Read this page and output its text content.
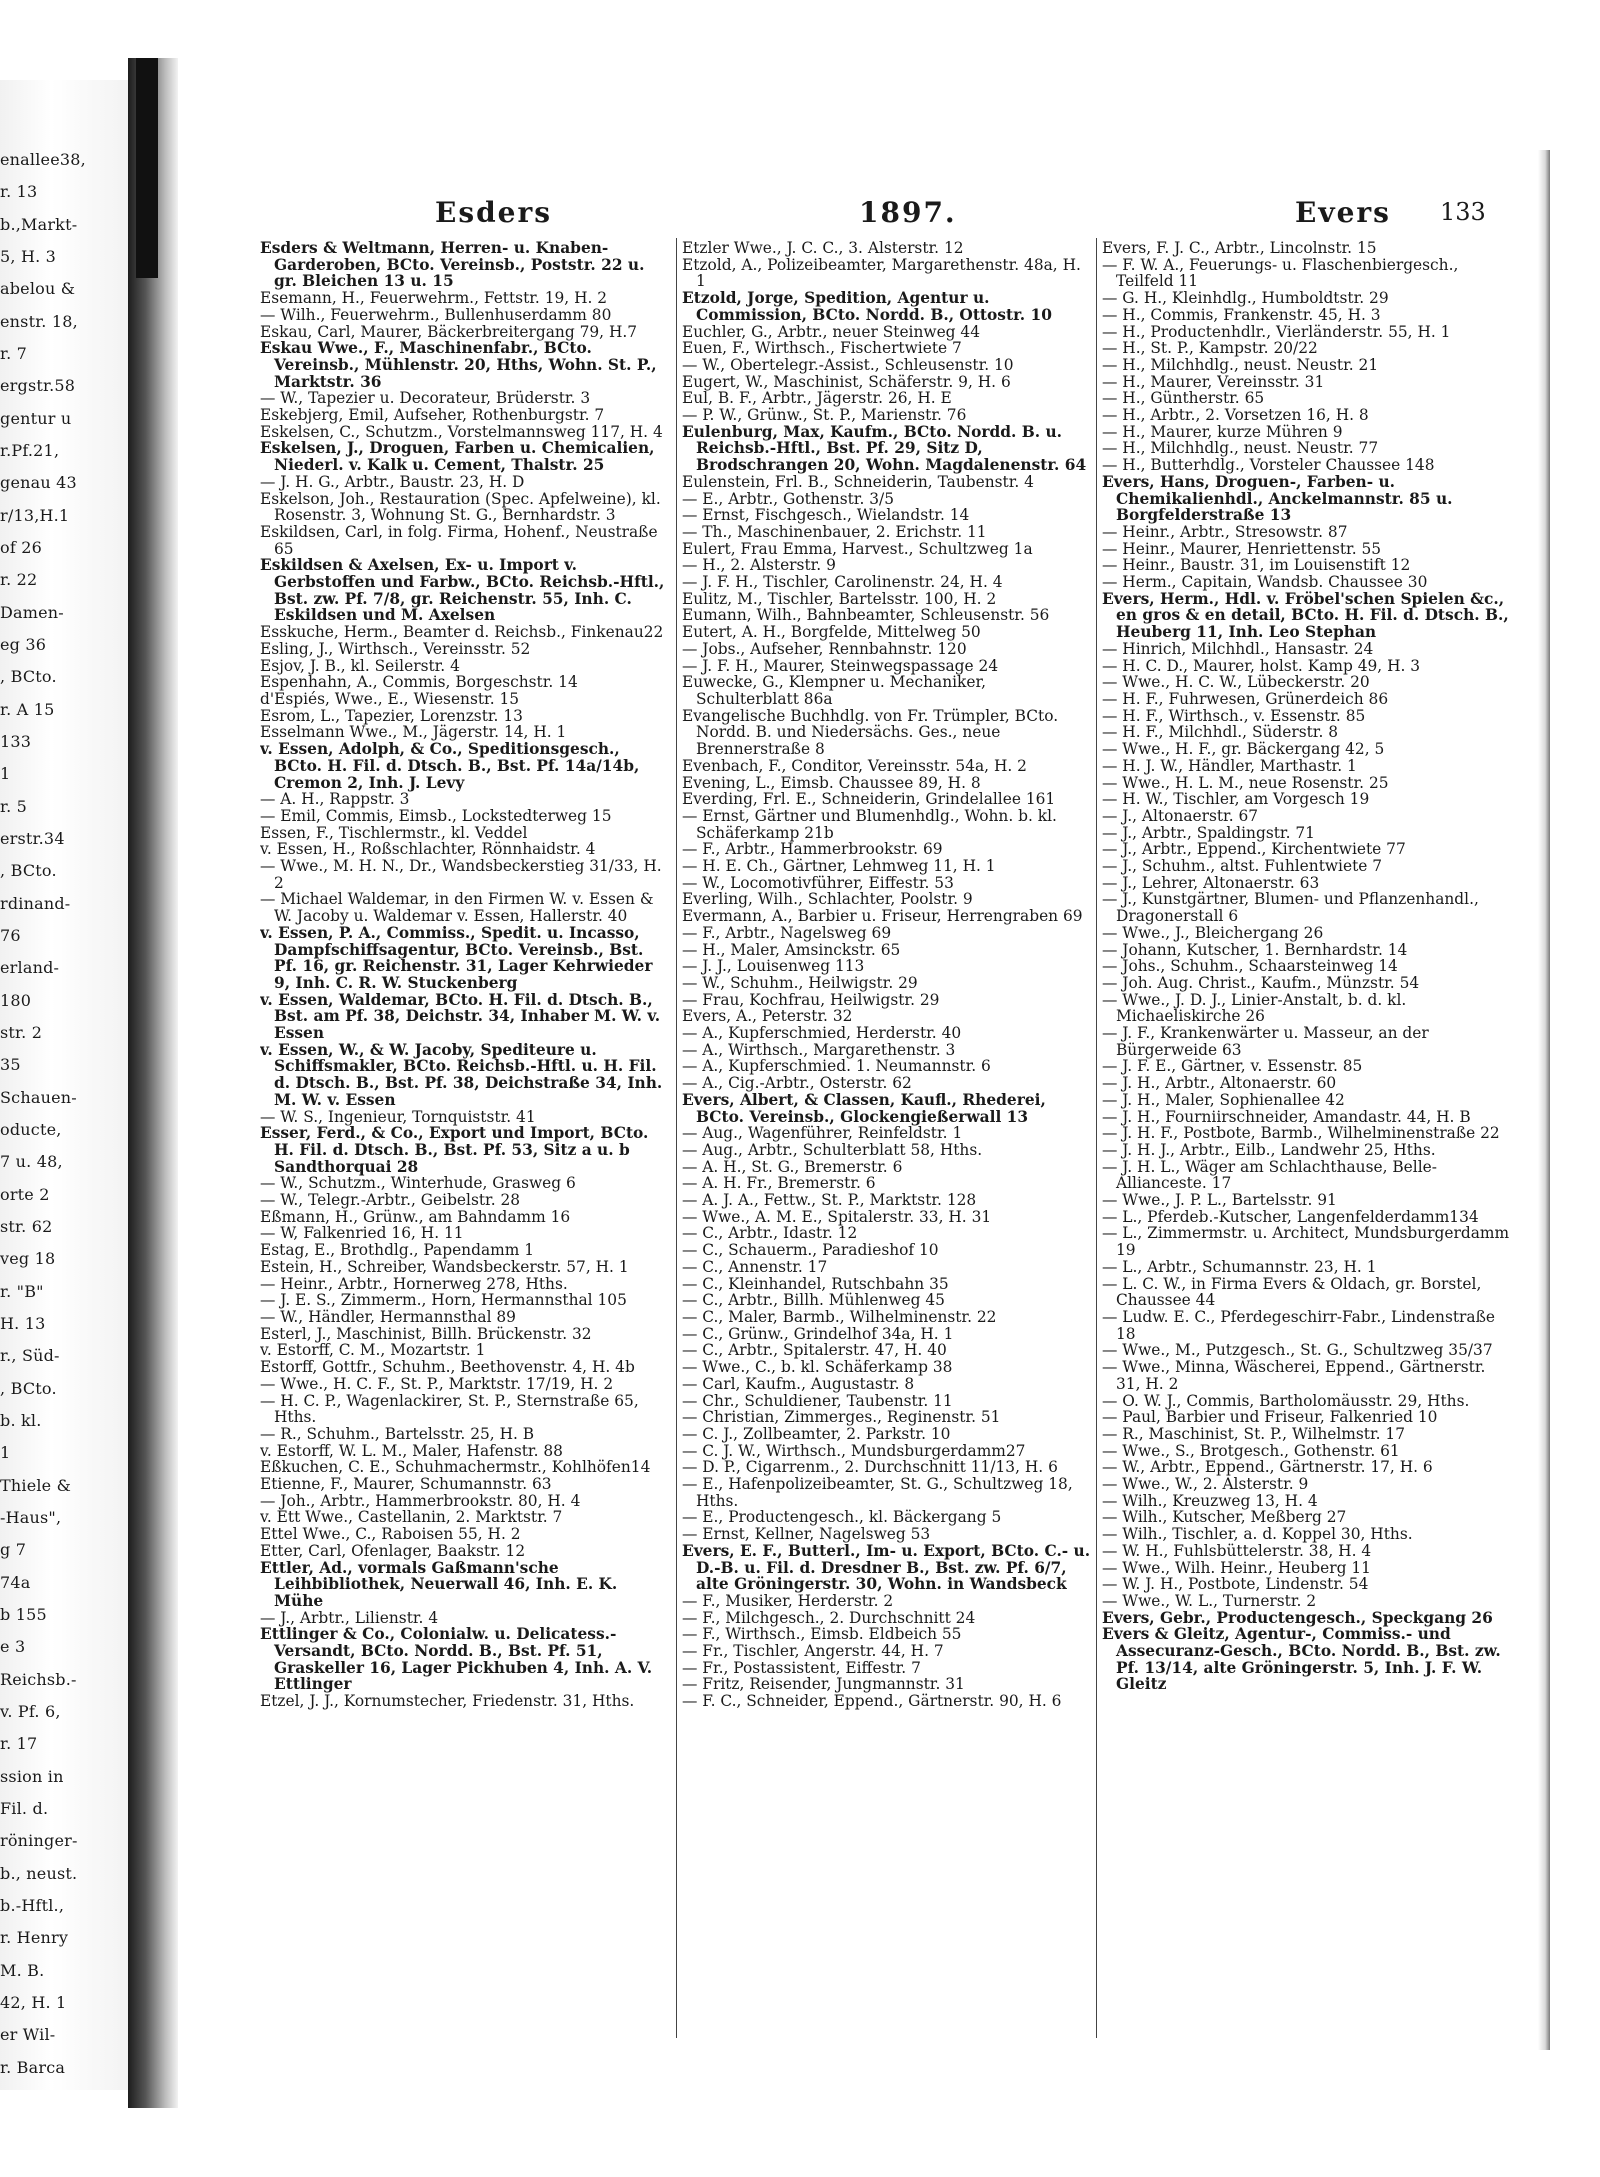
enallee38,
r. 13
b.,Markt-
5, H. 3
abelou &
enstr. 18,
r. 7
ergstr.58
gentur u
r.Pf.21,
genau 43
r/13,H.1
of 26
r. 22
Damen-
eg 36
, BCto.
r. A 15
133
1
r. 5
erstr.34
, BCto.
rdinand-
76
erland-
180
str. 2
35
Schauen-
oducte,
7 u. 48,
orte 2
str. 62
veg 18
r. "B"
H. 13
r., Süd-
, BCto.
b. kl.
1
Thiele &
-Haus",
g 7
74a
b 155
e 3
Reichsb.-
v. Pf. 6,
r. 17
ssion in
Fil. d.
röninger-
b., neust.
b.-Hftl.,
r. Henry
M. B.
42, H. 1
er Wil-
r. Barca
Esders	1897.	Evers 133

Esders & Weltmann, Herren- u. Knaben-Garderoben, BCto. Vereinsb., Poststr. 22 u. gr. Bleichen 13 u. 15

Esemann, H., Feuerwehrm., Fettstr. 19, H. 2

— Wilh., Feuerwehrm., Bullenhuserdamm 80

Eskau, Carl, Maurer, Bäckerbreitergang 79, H.7

Eskau Wwe., F., Maschinenfabr., BCto. Vereinsb., Mühlenstr. 20, Hths, Wohn. St. P., Marktstr. 36

— W., Tapezier u. Decorateur, Brüderstr. 3

Eskebjerg, Emil, Aufseher, Rothenburgstr. 7

Eskelsen, C., Schutzm., Vorstelmannsweg 117, H. 4

Eskelsen, J., Droguen, Farben u. Chemicalien, Niederl. v. Kalk u. Cement, Thalstr. 25

— J. H. G., Arbtr., Baustr. 23, H. D

Eskelson, Joh., Restauration (Spec. Apfelweine), kl. Rosenstr. 3, Wohnung St. G., Bernhardstr. 3

Eskildsen, Carl, in folg. Firma, Hohenf., Neustraße 65

Eskildsen & Axelsen, Ex- u. Import v. Gerbstoffen und Farbw., BCto. Reichsb.-Hftl., Bst. zw. Pf. 7/8, gr. Reichenstr. 55, Inh. C. Eskildsen und M. Axelsen

Esskuche, Herm., Beamter d. Reichsb., Finkenau22

Esling, J., Wirthsch., Vereinsstr. 52

Esjov, J. B., kl. Seilerstr. 4

Espenhahn, A., Commis, Borgeschstr. 14

d'Espiés, Wwe., E., Wiesenstr. 15

Esrom, L., Tapezier, Lorenzstr. 13

Esselmann Wwe., M., Jägerstr. 14, H. 1

v. Essen, Adolph, & Co., Speditionsgesch., BCto. H. Fil. d. Dtsch. B., Bst. Pf. 14a/14b, Cremon 2, Inh. J. Levy

— A. H., Rappstr. 3

— Emil, Commis, Eimsb., Lockstedterweg 15

Essen, F., Tischlermstr., kl. Veddel

v. Essen, H., Roßschlachter, Rönnhaidstr. 4

— Wwe., M. H. N., Dr., Wandsbeckerstieg 31/33, H. 2

— Michael Waldemar, in den Firmen W. v. Essen & W. Jacoby u. Waldemar v. Essen, Hallerstr. 40

v. Essen, P. A., Commiss., Spedit. u. Incasso, Dampfschiffsagentur, BCto. Vereinsb., Bst. Pf. 16, gr. Reichenstr. 31, Lager Kehrwieder 9, Inh. C. R. W. Stuckenberg

v. Essen, Waldemar, BCto. H. Fil. d. Dtsch. B., Bst. am Pf. 38, Deichstr. 34, Inhaber M. W. v. Essen

v. Essen, W., & W. Jacoby, Spediteure u. Schiffsmakler, BCto. Reichsb.-Hftl. u. H. Fil. d. Dtsch. B., Bst. Pf. 38, Deichstraße 34, Inh. M. W. v. Essen

— W. S., Ingenieur, Tornquiststr. 41

Esser, Ferd., & Co., Export und Import, BCto. H. Fil. d. Dtsch. B., Bst. Pf. 53, Sitz a u. b Sandthorquai 28

— W., Schutzm., Winterhude, Grasweg 6

— W., Telegr.-Arbtr., Geibelstr. 28

Eßmann, H., Grünw., am Bahndamm 16

— W, Falkenried 16, H. 11

Estag, E., Brothdlg., Papendamm 1

Estein, H., Schreiber, Wandsbeckerstr. 57, H. 1

— Heinr., Arbtr., Hornerweg 278, Hths.

— J. E. S., Zimmerm., Horn, Hermannsthal 105

— W., Händler, Hermannsthal 89

Esterl, J., Maschinist, Billh. Brückenstr. 32

v. Estorff, C. M., Mozartstr. 1

Estorff, Gottfr., Schuhm., Beethovenstr. 4, H. 4b

— Wwe., H. C. F., St. P., Marktstr. 17/19, H. 2

— H. C. P., Wagenlackirer, St. P., Sternstraße 65, Hths.

— R., Schuhm., Bartelsstr. 25, H. B

v. Estorff, W. L. M., Maler, Hafenstr. 88

Eßkuchen, C. E., Schuhmachermstr., Kohlhöfen14

Etienne, F., Maurer, Schumannstr. 63

— Joh., Arbtr., Hammerbrookstr. 80, H. 4

v. Ett Wwe., Castellanin, 2. Marktstr. 7

Ettel Wwe., C., Raboisen 55, H. 2

Etter, Carl, Ofenlager, Baakstr. 12

Ettler, Ad., vormals Gaßmann'sche Leihbibliothek, Neuerwall 46, Inh. E. K. Mühe

— J., Arbtr., Lilienstr. 4

Ettlinger & Co., Colonialw. u. Delicatess.-Versandt, BCto. Nordd. B., Bst. Pf. 51, Graskeller 16, Lager Pickhuben 4, Inh. A. V. Ettlinger

Etzel, J. J., Kornumstecher, Friedenstr. 31, Hths.

Etzler Wwe., J. C. C., 3. Alsterstr. 12

Etzold, A., Polizeibeamter, Margarethenstr. 48a, H. 1

Etzold, Jorge, Spedition, Agentur u. Commission, BCto. Nordd. B., Ottostr. 10

Euchler, G., Arbtr., neuer Steinweg 44

Euen, F., Wirthsch., Fischertwiete 7

— W., Obertelegr.-Assist., Schleusenstr. 10

Eugert, W., Maschinist, Schäferstr. 9, H. 6

Eul, B. F., Arbtr., Jägerstr. 26, H. E

— P. W., Grünw., St. P., Marienstr. 76

Eulenburg, Max, Kaufm., BCto. Nordd. B. u. Reichsb.-Hftl., Bst. Pf. 29, Sitz D, Brodschrangen 20, Wohn. Magdalenenstr. 64

Eulenstein, Frl. B., Schneiderin, Taubenstr. 4

— E., Arbtr., Gothenstr. 3/5

— Ernst, Fischgesch., Wielandstr. 14

— Th., Maschinenbauer, 2. Erichstr. 11

Eulert, Frau Emma, Harvest., Schultzweg 1a

— H., 2. Alsterstr. 9

— J. F. H., Tischler, Carolinenstr. 24, H. 4

Eulitz, M., Tischler, Bartelsstr. 100, H. 2

Eumann, Wilh., Bahnbeamter, Schleusenstr. 56

Eutert, A. H., Borgfelde, Mittelweg 50

— Jobs., Aufseher, Rennbahnstr. 120

— J. F. H., Maurer, Steinwegspassage 24

Euwecke, G., Klempner u. Mechaniker, Schulterblatt 86a

Evangelische Buchhdlg. von Fr. Trümpler, BCto. Nordd. B. und Niedersächs. Ges., neue Brennerstraße 8

Evenbach, F., Conditor, Vereinsstr. 54a, H. 2

Evening, L., Eimsb. Chaussee 89, H. 8

Everding, Frl. E., Schneiderin, Grindelallee 161

— Ernst, Gärtner und Blumenhdlg., Wohn. b. kl. Schäferkamp 21b

— F., Arbtr., Hammerbrookstr. 69

— H. E. Ch., Gärtner, Lehmweg 11, H. 1

— W., Locomotivführer, Eiffestr. 53

Everling, Wilh., Schlachter, Poolstr. 9

Evermann, A., Barbier u. Friseur, Herrengraben 69

— F., Arbtr., Nagelsweg 69

— H., Maler, Amsinckstr. 65

— J. J., Louisenweg 113

— W., Schuhm., Heilwigstr. 29

— Frau, Kochfrau, Heilwigstr. 29

Evers, A., Peterstr. 32

— A., Kupferschmied, Herderstr. 40

— A., Wirthsch., Margarethenstr. 3

— A., Kupferschmied. 1. Neumannstr. 6

— A., Cig.-Arbtr., Osterstr. 62

Evers, Albert, & Classen, Kaufl., Rhederei, BCto. Vereinsb., Glockengießerwall 13

— Aug., Wagenführer, Reinfeldstr. 1

— Aug., Arbtr., Schulterblatt 58, Hths.

— A. H., St. G., Bremerstr. 6

— A. H. Fr., Bremerstr. 6

— A. J. A., Fettw., St. P., Marktstr. 128

— Wwe., A. M. E., Spitalerstr. 33, H. 31

— C., Arbtr., Idastr. 12

— C., Schauerm., Paradieshof 10

— C., Annenstr. 17

— C., Kleinhandel, Rutschbahn 35

— C., Arbtr., Billh. Mühlenweg 45

— C., Maler, Barmb., Wilhelminenstr. 22

— C., Grünw., Grindelhof 34a, H. 1

— C., Arbtr., Spitalerstr. 47, H. 40

— Wwe., C., b. kl. Schäferkamp 38

— Carl, Kaufm., Augustastr. 8

— Chr., Schuldiener, Taubenstr. 11

— Christian, Zimmerges., Reginenstr. 51

— C. J., Zollbeamter, 2. Parkstr. 10

— C. J. W., Wirthsch., Mundsburgerdamm27

— D. P., Cigarrenm., 2. Durchschnitt 11/13, H. 6

— E., Hafenpolizeibeamter, St. G., Schultzweg 18, Hths.

— E., Productengesch., kl. Bäckergang 5

— Ernst, Kellner, Nagelsweg 53

Evers, E. F., Butterl., Im- u. Export, BCto. C.- u. D.-B. u. Fil. d. Dresdner B., Bst. zw. Pf. 6/7, alte Gröningerstr. 30, Wohn. in Wandsbeck

— F., Musiker, Herderstr. 2

— F., Milchgesch., 2. Durchschnitt 24

— F., Wirthsch., Eimsb. Eldbeich 55

— Fr., Tischler, Angerstr. 44, H. 7

— Fr., Postassistent, Eiffestr. 7

— Fritz, Reisender, Jungmannstr. 31

— F. C., Schneider, Eppend., Gärtnerstr. 90, H. 6

Evers, F. J. C., Arbtr., Lincolnstr. 15

— F. W. A., Feuerungs- u. Flaschenbiergesch., Teilfeld 11

— G. H., Kleinhdlg., Humboldtstr. 29

— H., Commis, Frankenstr. 45, H. 3

— H., Productenhdlr., Vierländerstr. 55, H. 1

— H., St. P., Kampstr. 20/22

— H., Milchhdlg., neust. Neustr. 21

— H., Maurer, Vereinsstr. 31

— H., Güntherstr. 65

— H., Arbtr., 2. Vorsetzen 16, H. 8

— H., Maurer, kurze Mühren 9

— H., Milchhdlg., neust. Neustr. 77

— H., Butterhdlg., Vorsteler Chaussee 148

Evers, Hans, Droguen-, Farben- u. Chemikalienhdl., Anckelmannstr. 85 u. Borgfelderstraße 13

— Heinr., Arbtr., Stresowstr. 87

— Heinr., Maurer, Henriettenstr. 55

— Heinr., Baustr. 31, im Louisenstift 12

— Herm., Capitain, Wandsb. Chaussee 30

Evers, Herm., Hdl. v. Fröbel'schen Spielen &c., en gros & en detail, BCto. H. Fil. d. Dtsch. B., Heuberg 11, Inh. Leo Stephan

— Hinrich, Milchhdl., Hansastr. 24

— H. C. D., Maurer, holst. Kamp 49, H. 3

— Wwe., H. C. W., Lübeckerstr. 20

— H. F., Fuhrwesen, Grünerdeich 86

— H. F., Wirthsch., v. Essenstr. 85

— H. F., Milchhdl., Süderstr. 8

— Wwe., H. F., gr. Bäckergang 42, 5

— H. J. W., Händler, Marthastr. 1

— Wwe., H. L. M., neue Rosenstr. 25

— H. W., Tischler, am Vorgesch 19

— J., Altonaerstr. 67

— J., Arbtr., Spaldingstr. 71

— J., Arbtr., Eppend., Kirchentwiete 77

— J., Schuhm., altst. Fuhlentwiete 7

— J., Lehrer, Altonaerstr. 63

— J., Kunstgärtner, Blumen- und Pflanzenhandl., Dragonerstall 6

— Wwe., J., Bleichergang 26

— Johann, Kutscher, 1. Bernhardstr. 14

— Johs., Schuhm., Schaarsteinweg 14

— Joh. Aug. Christ., Kaufm., Münzstr. 54

— Wwe., J. D. J., Linier-Anstalt, b. d. kl. Michaeliskirche 26

— J. F., Krankenwärter u. Masseur, an der Bürgerweide 63

— J. F. E., Gärtner, v. Essenstr. 85

— J. H., Arbtr., Altonaerstr. 60

— J. H., Maler, Sophienallee 42

— J. H., Fourniirschneider, Amandastr. 44, H. B

— J. H. F., Postbote, Barmb., Wilhelminenstraße 22

— J. H. J., Arbtr., Eilb., Landwehr 25, Hths.

— J. H. L., Wäger am Schlachthause, Belle-Allianceste. 17

— Wwe., J. P. L., Bartelsstr. 91

— L., Pferdeb.-Kutscher, Langenfelderdamm134

— L., Zimmermstr. u. Architect, Mundsburgerdamm 19

— L., Arbtr., Schumannstr. 23, H. 1

— L. C. W., in Firma Evers & Oldach, gr. Borstel, Chaussee 44

— Ludw. E. C., Pferdegeschirr-Fabr., Lindenstraße 18

— Wwe., M., Putzgesch., St. G., Schultzweg 35/37

— Wwe., Minna, Wäscherei, Eppend., Gärtnerstr. 31, H. 2

— O. W. J., Commis, Bartholomäusstr. 29, Hths.

— Paul, Barbier und Friseur, Falkenried 10

— R., Maschinist, St. P., Wilhelmstr. 17

— Wwe., S., Brotgesch., Gothenstr. 61

— W., Arbtr., Eppend., Gärtnerstr. 17, H. 6

— Wwe., W., 2. Alsterstr. 9

— Wilh., Kreuzweg 13, H. 4

— Wilh., Kutscher, Meßberg 27

— Wilh., Tischler, a. d. Koppel 30, Hths.

— W. H., Fuhlsbüttelerstr. 38, H. 4

— Wwe., Wilh. Heinr., Heuberg 11

— W. J. H., Postbote, Lindenstr. 54

— Wwe., W. L., Turnerstr. 2

Evers, Gebr., Productengesch., Speckgang 26

Evers & Gleitz, Agentur-, Commiss.- und Assecuranz-Gesch., BCto. Nordd. B., Bst. zw. Pf. 13/14, alte Gröningerstr. 5, Inh. J. F. W. Gleitz
